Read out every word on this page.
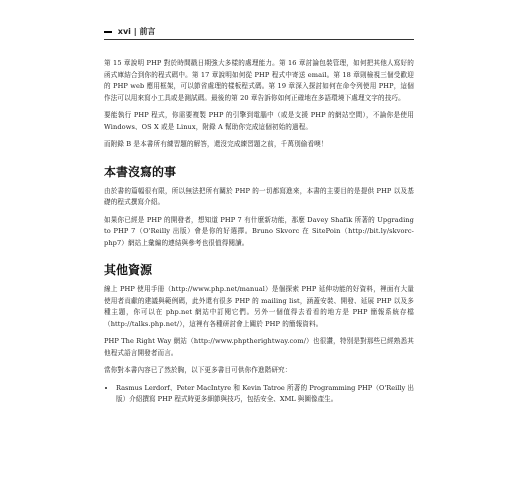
xvi | 前言

第 15 章說明 PHP 對於時間戳日期強大多樣的處理能力。第 16 章討論包裝管理，如何把其他人寫好的函式庫結合到你的程式碼中。第 17 章說明如何從 PHP 程式中寄送 email。第 18 章則檢視三個受歡迎的 PHP web 應用框架，可以節省處理的樣板程式碼。第 19 章深入探討如何在命令列使用 PHP，這個作法可以用來寫小工具或是測試碼。最後的第 20 章告訴你如何正確地在多語環境下處理文字的技巧。

要能執行 PHP 程式，你需要複製 PHP 的引擎到電腦中（或是支援 PHP 的網站空間），不論你是使用 Windows、OS X 或是 Linux，附錄 A 幫助你完成這個初始的過程。

而附錄 B 是本書所有練習題的解答，還沒完成練習題之前，千萬別偷看噢！

本書沒寫的事

由於書的篇幅很有限，所以無法把所有關於 PHP 的一切都寫進來，本書的主要目的是提供 PHP 以及基礎的程式撰寫介紹。

如果你已經是 PHP 的開發者，想知道 PHP 7 有什麼新功能，那麼 Davey Shafik 所著的 Upgrading to PHP 7（O'Reilly 出版）會是你的好選擇。Bruno Skvorc 在 SitePoin（http://bit.ly/skvorc-php7）網站上彙編的連結與參考也很值得閱讀。

其他資源

線上 PHP 使用手冊（http://www.php.net/manual）是個探索 PHP 延伸功能的好資料，裡面有大量使用者貢獻的建議與範例碼，此外還有很多 PHP 的 mailing list，涵蓋安裝、開發、延展 PHP 以及多種主題，你可以在 php.net 網站中訂閱它們。另外一個值得去看看的地方是 PHP 簡報系統存檔（http://talks.php.net/），這裡有各種研討會上關於 PHP 的簡報資料。

PHP The Right Way 網站（http://www.phptherightway.com/）也很讚，特別是對那些已經熟悉其他程式語言開發者而言。

當你對本書內容已了然於胸，以下更多書目可供你作進階研究：

• Rasmus Lerdorf、Peter MacIntyre 和 Kevin Tatroe 所著的 Programming PHP（O'Reilly 出版）介紹撰寫 PHP 程式時更多細節與技巧，包括安全、XML 與圖像產生。
